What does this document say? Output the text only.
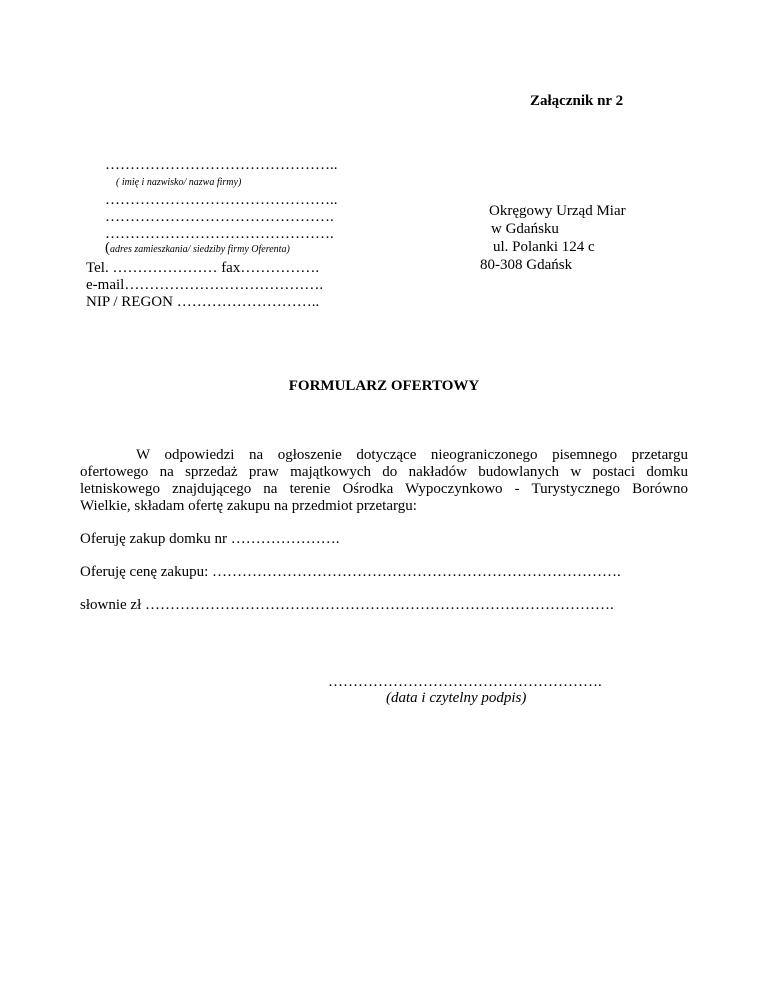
Załącznik nr 2
………………………………………..
( imię i nazwisko/ nazwa firmy)
………………………………………..
……………………………………….
……………………………………….
(adres zamieszkania/ siedziby firmy Oferenta)
Tel. ………………… fax…………….
e-mail………………………………….
NIP / REGON ………………………..
Okręgowy Urząd Miar
w Gdańsku
ul. Polanki 124 c
80-308 Gdańsk
FORMULARZ OFERTOWY
W odpowiedzi na ogłoszenie dotyczące nieograniczonego pisemnego przetargu
ofertowego na sprzedaż praw majątkowych do nakładów budowlanych w postaci domku
letniskowego znajdującego na terenie Ośrodka Wypoczynkowo - Turystycznego Borówno
Wielkie, składam ofertę zakupu na przedmiot przetargu:
Oferuję zakup domku nr ………………….
Oferuję cenę zakupu: ……………………………………………………………………….
słownie zł ………………………………………………………………………………….
……………………………………………….
(data i czytelny podpis)
